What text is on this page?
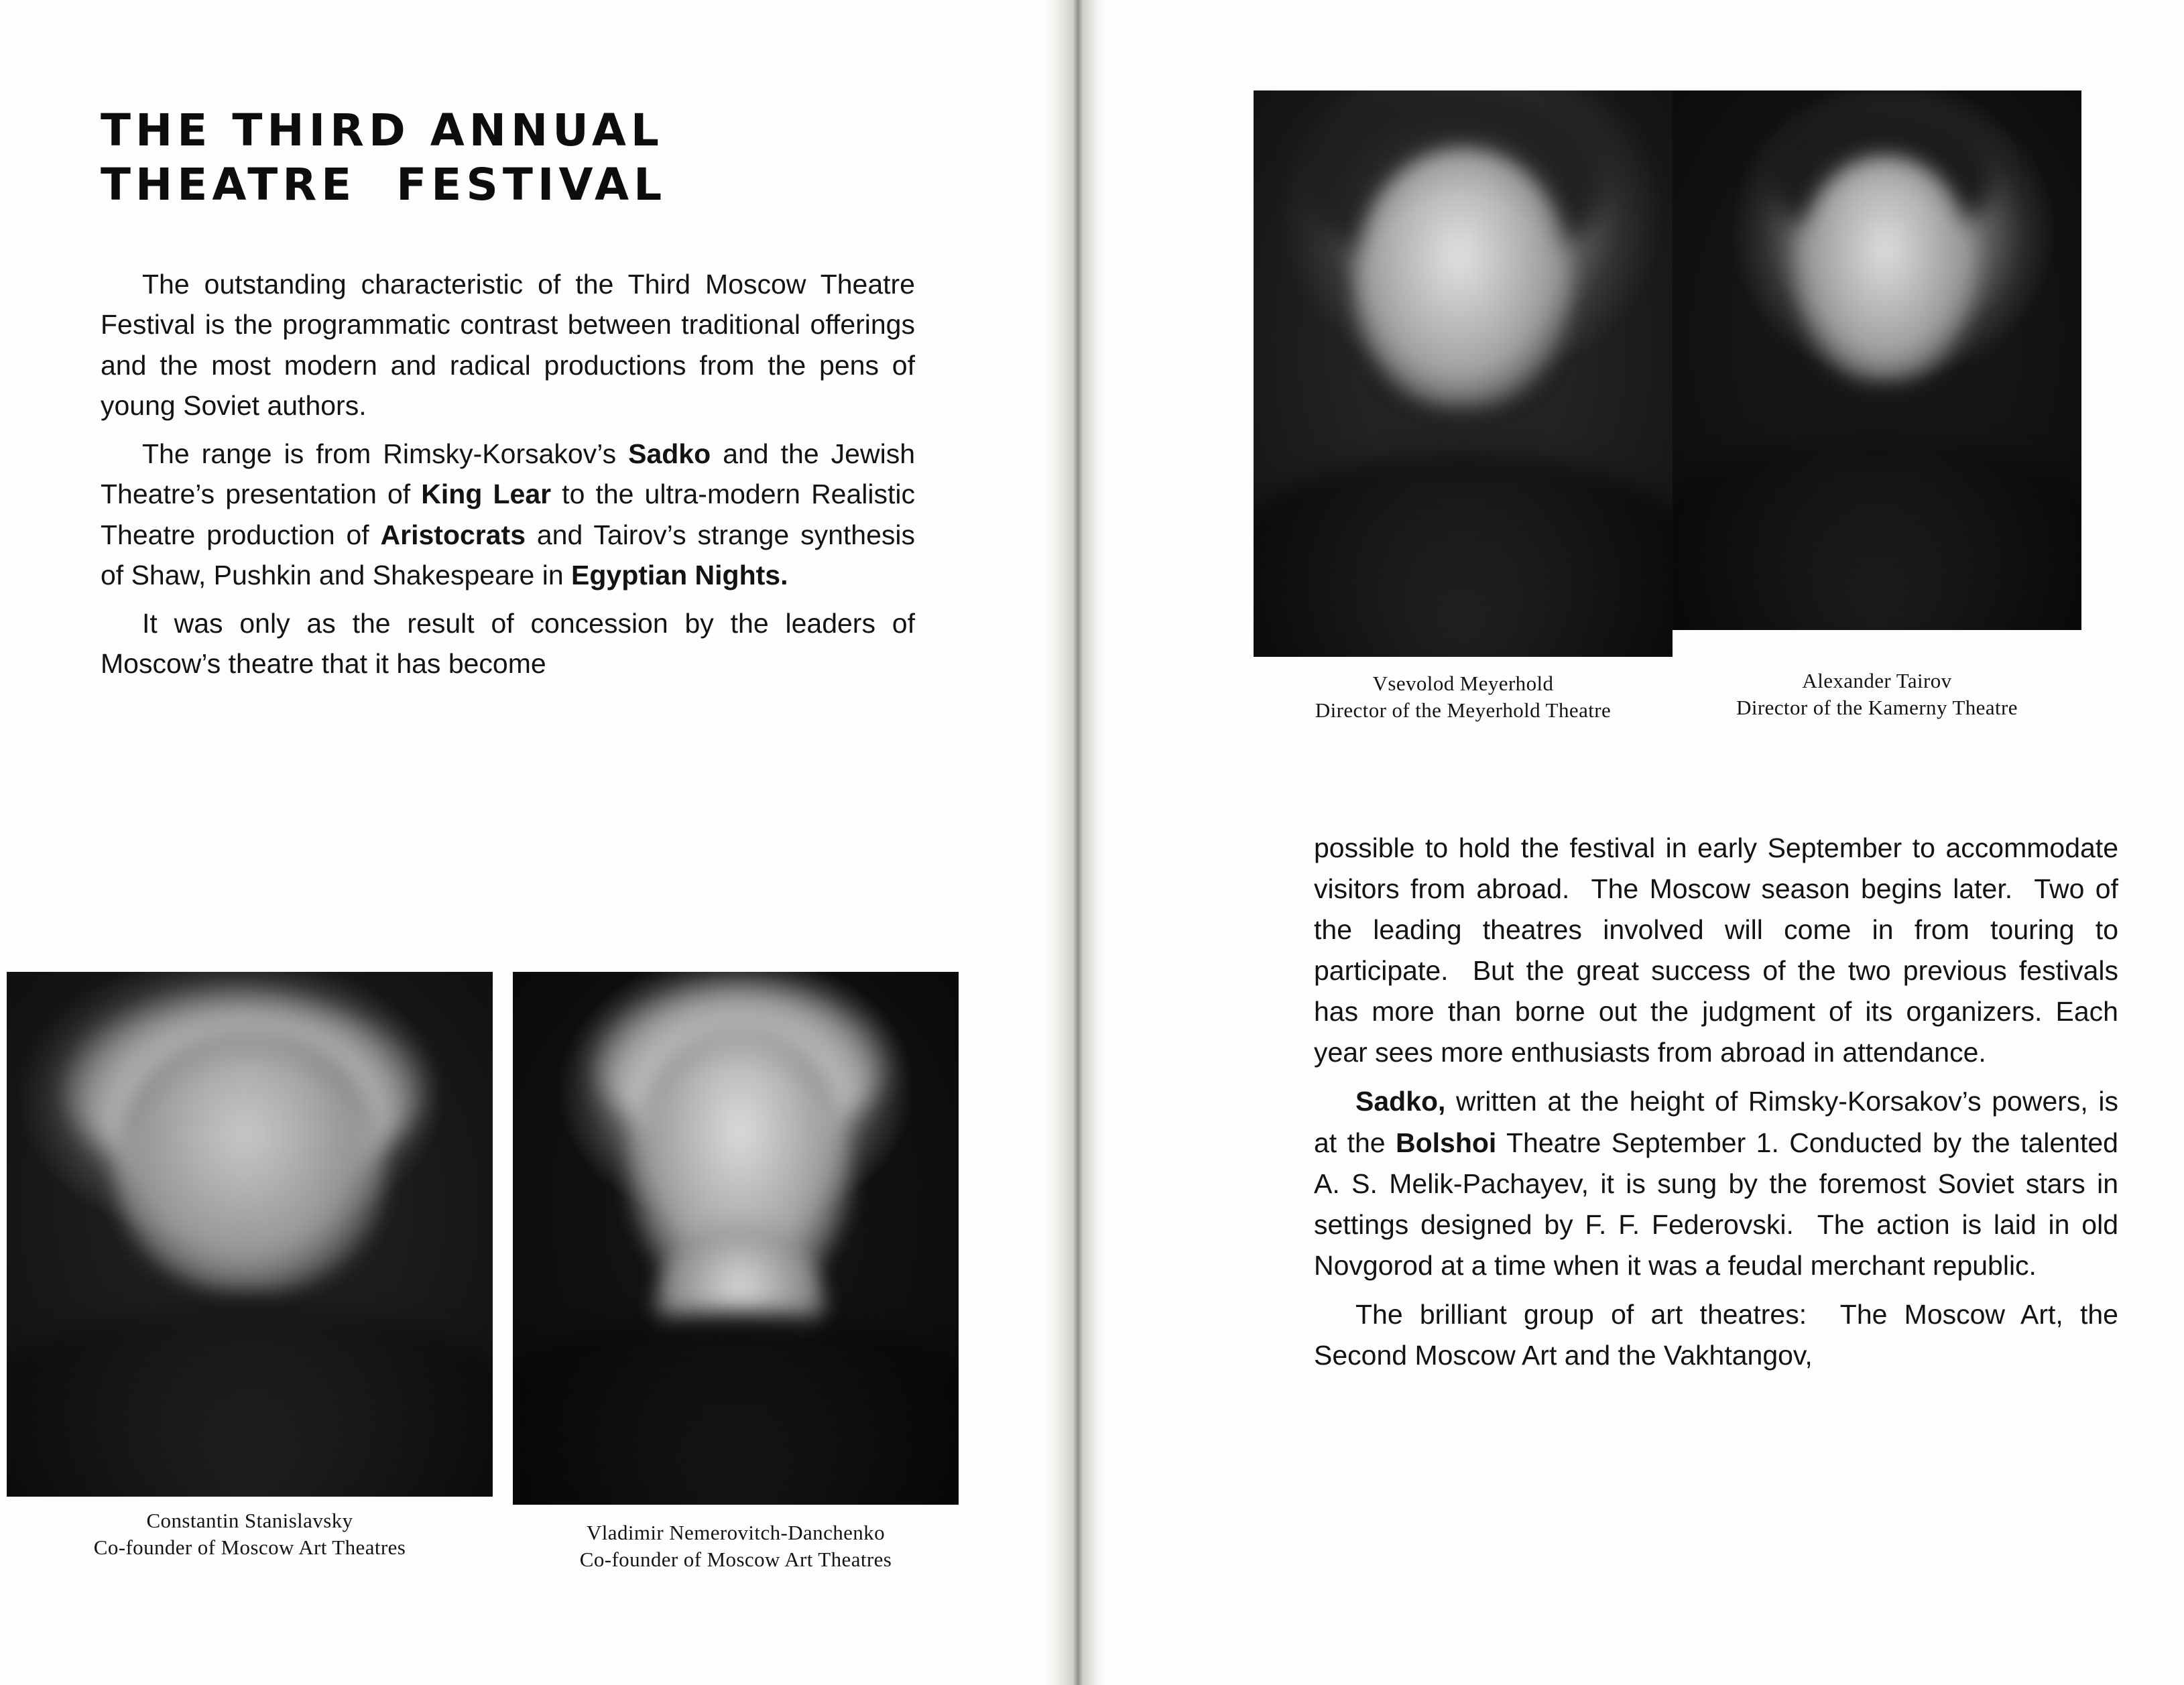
THE THIRD ANNUAL
THEATRE  FESTIVAL

The outstanding characteristic of the Third Moscow Theatre Festival is the programmatic contrast between traditional offerings and the most modern and radical productions from the pens of young Soviet authors.

The range is from Rimsky-Korsakov’s Sadko and the Jewish Theatre’s presentation of King Lear to the ultra-modern Realistic Theatre production of Aristocrats and Tairov’s strange synthesis of Shaw, Pushkin and Shakespeare in Egyptian Nights.

It was only as the result of concession by the leaders of Moscow’s theatre that it has become

Constantin Stanislavsky
Co-founder of Moscow Art Theatres
Vladimir Nemerovitch-Danchenko
Co-founder of Moscow Art Theatres
Vsevolod Meyerhold
Director of the Meyerhold Theatre
Alexander Tairov
Director of the Kamerny Theatre

possible to hold the festival in early September to accommodate visitors from abroad.  The Moscow season begins later.  Two of the leading theatres involved will come in from touring to participate.  But the great success of the two previous festivals has more than borne out the judgment of its organizers. Each year sees more enthusiasts from abroad in attendance.

Sadko, written at the height of Rimsky-Korsakov’s powers, is at the Bolshoi Theatre September 1. Conducted by the talented A. S. Melik-Pachayev, it is sung by the foremost Soviet stars in settings designed by F. F. Federovski.  The action is laid in old Novgorod at a time when it was a feudal merchant republic.

The brilliant group of art theatres:  The Moscow Art, the Second Moscow Art and the Vakhtangov,
